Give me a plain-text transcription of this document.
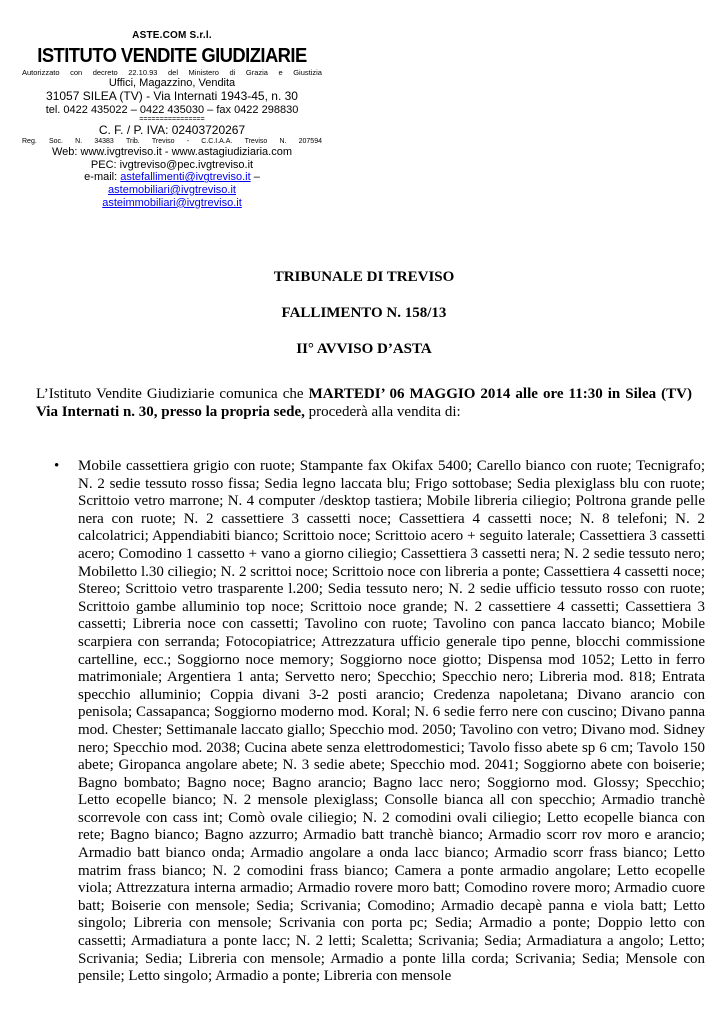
ASTE.COM S.r.l.
ISTITUTO VENDITE GIUDIZIARIE
Autorizzato con decreto 22.10.93 del Ministero di Grazia e Giustizia
Uffici, Magazzino, Vendita
31057 SILEA (TV) - Via Internati 1943-45, n. 30
tel. 0422 435022 – 0422 435030 – fax 0422 298830
================
C. F. / P. IVA: 02403720267
Reg. Soc. N. 34383 Trib. Treviso - C.C.I.A.A. Treviso N. 207594
Web: www.ivgtreviso.it - www.astagiudiziaria.com
PEC: ivgtreviso@pec.ivgtreviso.it
e-mail: astefallimenti@ivgtreviso.it – astemobiliari@ivgtreviso.it
asteimmobiliari@ivgtreviso.it
TRIBUNALE DI TREVISO
FALLIMENTO N. 158/13
II° AVVISO D’ASTA
L’Istituto Vendite Giudiziarie comunica che MARTEDI’ 06 MAGGIO 2014 alle ore 11:30 in Silea (TV) Via Internati n. 30, presso la propria sede, procederà alla vendita di:
• Mobile cassettiera grigio con ruote; Stampante fax Okifax 5400; Carello bianco con ruote; Tecnigrafo; N. 2 sedie tessuto rosso fissa; Sedia legno laccata blu; Frigo sottobase; Sedia plexiglass blu con ruote; Scrittoio vetro marrone; N. 4 computer /desktop tastiera; Mobile libreria ciliegio; Poltrona grande pelle nera con ruote; N. 2 cassettiere 3 cassetti noce; Cassettiera 4 cassetti noce; N. 8 telefoni; N. 2 calcolatrici; Appendiabiti bianco; Scrittoio noce; Scrittoio acero + seguito laterale; Cassettiera 3 cassetti acero; Comodino 1 cassetto + vano a giorno ciliegio; Cassettiera 3 cassetti nera; N. 2 sedie tessuto nero; Mobiletto l.30 ciliegio; N. 2 scrittoi noce; Scrittoio noce con libreria a ponte; Cassettiera 4 cassetti noce; Stereo; Scrittoio vetro trasparente l.200; Sedia tessuto nero; N. 2 sedie ufficio tessuto rosso con ruote; Scrittoio gambe alluminio top noce; Scrittoio noce grande; N. 2 cassettiere 4 cassetti; Cassettiera 3 cassetti; Libreria noce con cassetti; Tavolino con ruote; Tavolino con panca laccato bianco; Mobile scarpiera con serranda; Fotocopiatrice; Attrezzatura ufficio generale tipo penne, blocchi commissione cartelline, ecc.; Soggiorno noce memory; Soggiorno noce giotto; Dispensa mod 1052; Letto in ferro matrimoniale; Argentiera 1 anta; Servetto nero; Specchio; Specchio nero; Libreria mod. 818; Entrata specchio alluminio; Coppia divani 3-2 posti arancio; Credenza napoletana; Divano arancio con penisola; Cassapanca; Soggiorno moderno mod. Koral; N. 6 sedie ferro nere con cuscino; Divano panna mod. Chester; Settimanale laccato giallo; Specchio mod. 2050; Tavolino con vetro; Divano mod. Sidney nero; Specchio mod. 2038; Cucina abete senza elettrodomestici; Tavolo fisso abete sp 6 cm; Tavolo 150 abete; Giropanca angolare abete; N. 3 sedie abete; Specchio mod. 2041; Soggiorno abete con boiserie; Bagno bombato; Bagno noce; Bagno arancio; Bagno lacc nero; Soggiorno mod. Glossy; Specchio; Letto ecopelle bianco; N. 2 mensole plexiglass; Consolle bianca all con specchio; Armadio tranchè scorrevole con cass int; Comò ovale ciliegio; N. 2 comodini ovali ciliegio; Letto ecopelle bianca con rete; Bagno bianco; Bagno azzurro; Armadio batt tranchè bianco; Armadio scorr rov moro e arancio; Armadio batt bianco onda; Armadio angolare a onda lacc bianco; Armadio scorr frass bianco; Letto matrim frass bianco; N. 2 comodini frass bianco; Camera a ponte armadio angolare; Letto ecopelle viola; Attrezzatura interna armadio; Armadio rovere moro batt; Comodino rovere moro; Armadio cuore batt; Boiserie con mensole; Sedia; Scrivania; Comodino; Armadio decapè panna e viola batt; Letto singolo; Libreria con mensole; Scrivania con porta pc; Sedia; Armadio a ponte; Doppio letto con cassetti; Armadiatura a ponte lacc; N. 2 letti; Scaletta; Scrivania; Sedia; Armadiatura a angolo; Letto; Scrivania; Sedia; Libreria con mensole; Armadio a ponte lilla corda; Scrivania; Sedia; Mensole con pensile; Letto singolo; Armadio a ponte; Libreria con mensole
